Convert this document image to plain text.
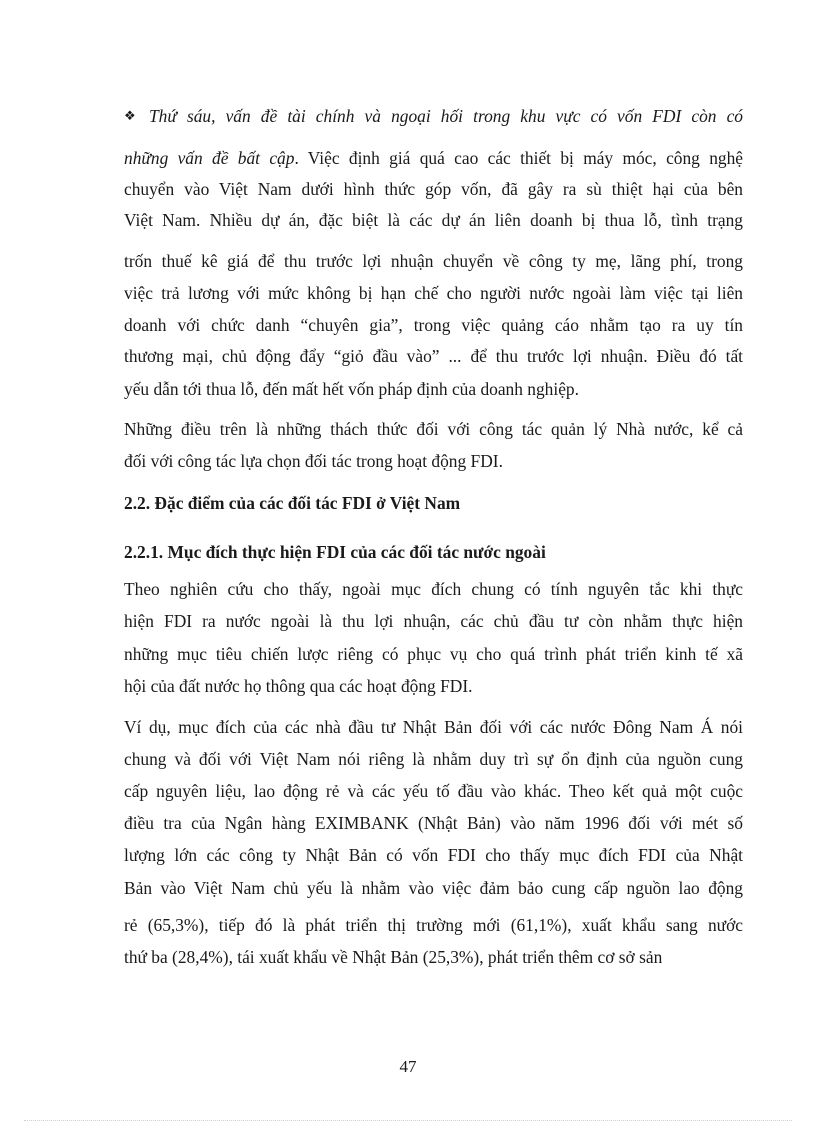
❖ Thứ sáu, vấn đề tài chính và ngoại hối trong khu vực có vốn FDI còn có
những vấn đề bất cập. Việc định giá quá cao các thiết bị máy móc, công nghệ
chuyển vào Việt Nam dưới hình thức góp vốn, đã gây ra sù thiệt hại của bên
Việt Nam. Nhiều dự án, đặc biệt là các dự án liên doanh bị thua lỗ, tình trạng
trốn thuế kê giá để thu trước lợi nhuận chuyển về công ty mẹ, lãng phí, trong
việc trả lương với mức không bị hạn chế cho người nước ngoài làm việc tại liên
doanh với chức danh “chuyên gia”, trong việc quảng cáo nhằm tạo ra uy tín
thương mại, chủ động đẩy “giỏ đầu vào” ... để thu trước lợi nhuận. Điều đó tất
yếu dẫn tới thua lỗ, đến mất hết vốn pháp định của doanh nghiệp.
Những điều trên là những thách thức đối với công tác quản lý Nhà nước, kể cả
đối với công tác lựa chọn đối tác trong hoạt động FDI.
2.2. Đặc điểm của các đối tác FDI ở Việt Nam
2.2.1. Mục đích thực hiện FDI của các đối tác nước ngoài
Theo nghiên cứu cho thấy, ngoài mục đích chung có tính nguyên tắc khi thực
hiện FDI ra nước ngoài là thu lợi nhuận, các chủ đầu tư còn nhằm thực hiện
những mục tiêu chiến lược riêng có phục vụ cho quá trình phát triển kinh tế xã
hội của đất nước họ thông qua các hoạt động FDI.
Ví dụ, mục đích của các nhà đầu tư Nhật Bản đối với các nước Đông Nam Á nói
chung và đối với Việt Nam nói riêng là nhằm duy trì sự ổn định của nguồn cung
cấp nguyên liệu, lao động rẻ và các yếu tố đầu vào khác. Theo kết quả một cuộc
điều tra của Ngân hàng EXIMBANK (Nhật Bản) vào năm 1996 đối với mét số
lượng lớn các công ty Nhật Bản có vốn FDI cho thấy mục đích FDI của Nhật
Bản vào Việt Nam chủ yếu là nhằm vào việc đảm bảo cung cấp nguồn lao động
rẻ (65,3%), tiếp đó là phát triển thị trường mới (61,1%), xuất khẩu sang nước
thứ ba (28,4%), tái xuất khẩu về Nhật Bản (25,3%), phát triển thêm cơ sở sản
47
